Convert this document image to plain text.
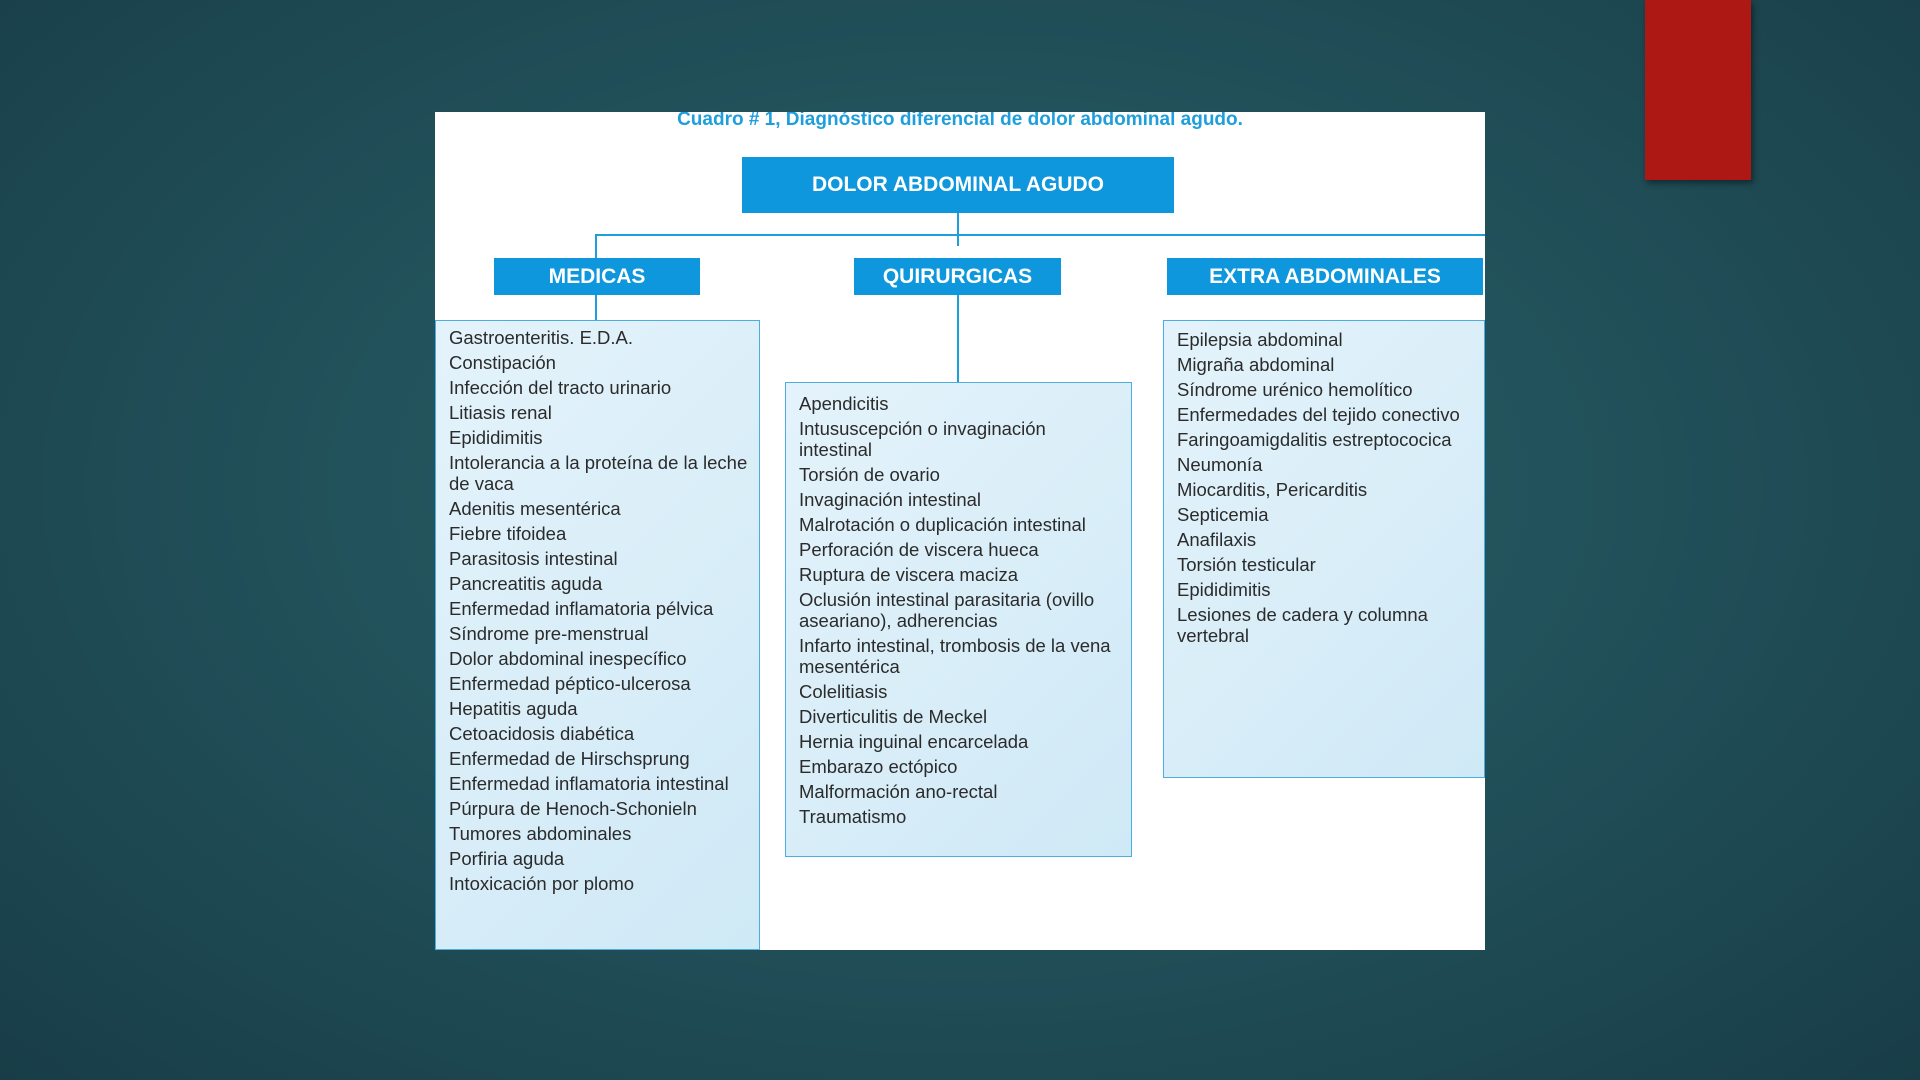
Cuadro # 1, Diagnóstico diferencial de dolor abdominal agudo.
DOLOR ABDOMINAL AGUDO
MEDICAS	QUIRURGICAS	EXTRA ABDOMINALES
Gastroenteritis. E.D.A.
Constipación
Infección del tracto urinario
Litiasis renal
Epididimitis
Intolerancia a la proteína de la leche de vaca
Adenitis mesentérica
Fiebre tifoidea
Parasitosis intestinal
Pancreatitis aguda
Enfermedad inflamatoria pélvica
Síndrome pre-menstrual
Dolor abdominal inespecífico
Enfermedad péptico-ulcerosa
Hepatitis aguda
Cetoacidosis diabética
Enfermedad de Hirschsprung
Enfermedad inflamatoria intestinal
Púrpura de Henoch-Schonieln
Tumores abdominales
Porfiria aguda
Intoxicación por plomo
Apendicitis
Intususcepción o invaginación intestinal
Torsión de ovario
Invaginación intestinal
Malrotación o duplicación intestinal
Perforación de viscera hueca
Ruptura de viscera maciza
Oclusión intestinal parasitaria (ovillo aseariano), adherencias
Infarto intestinal, trombosis de la vena mesentérica
Colelitiasis
Diverticulitis de Meckel
Hernia inguinal encarcelada
Embarazo ectópico
Malformación ano-rectal
Traumatismo
Epilepsia abdominal
Migraña abdominal
Síndrome urénico hemolítico
Enfermedades del tejido conectivo
Faringoamigdalitis estreptococica
Neumonía
Miocarditis, Pericarditis
Septicemia
Anafilaxis
Torsión testicular
Epididimitis
Lesiones de cadera y columna vertebral
